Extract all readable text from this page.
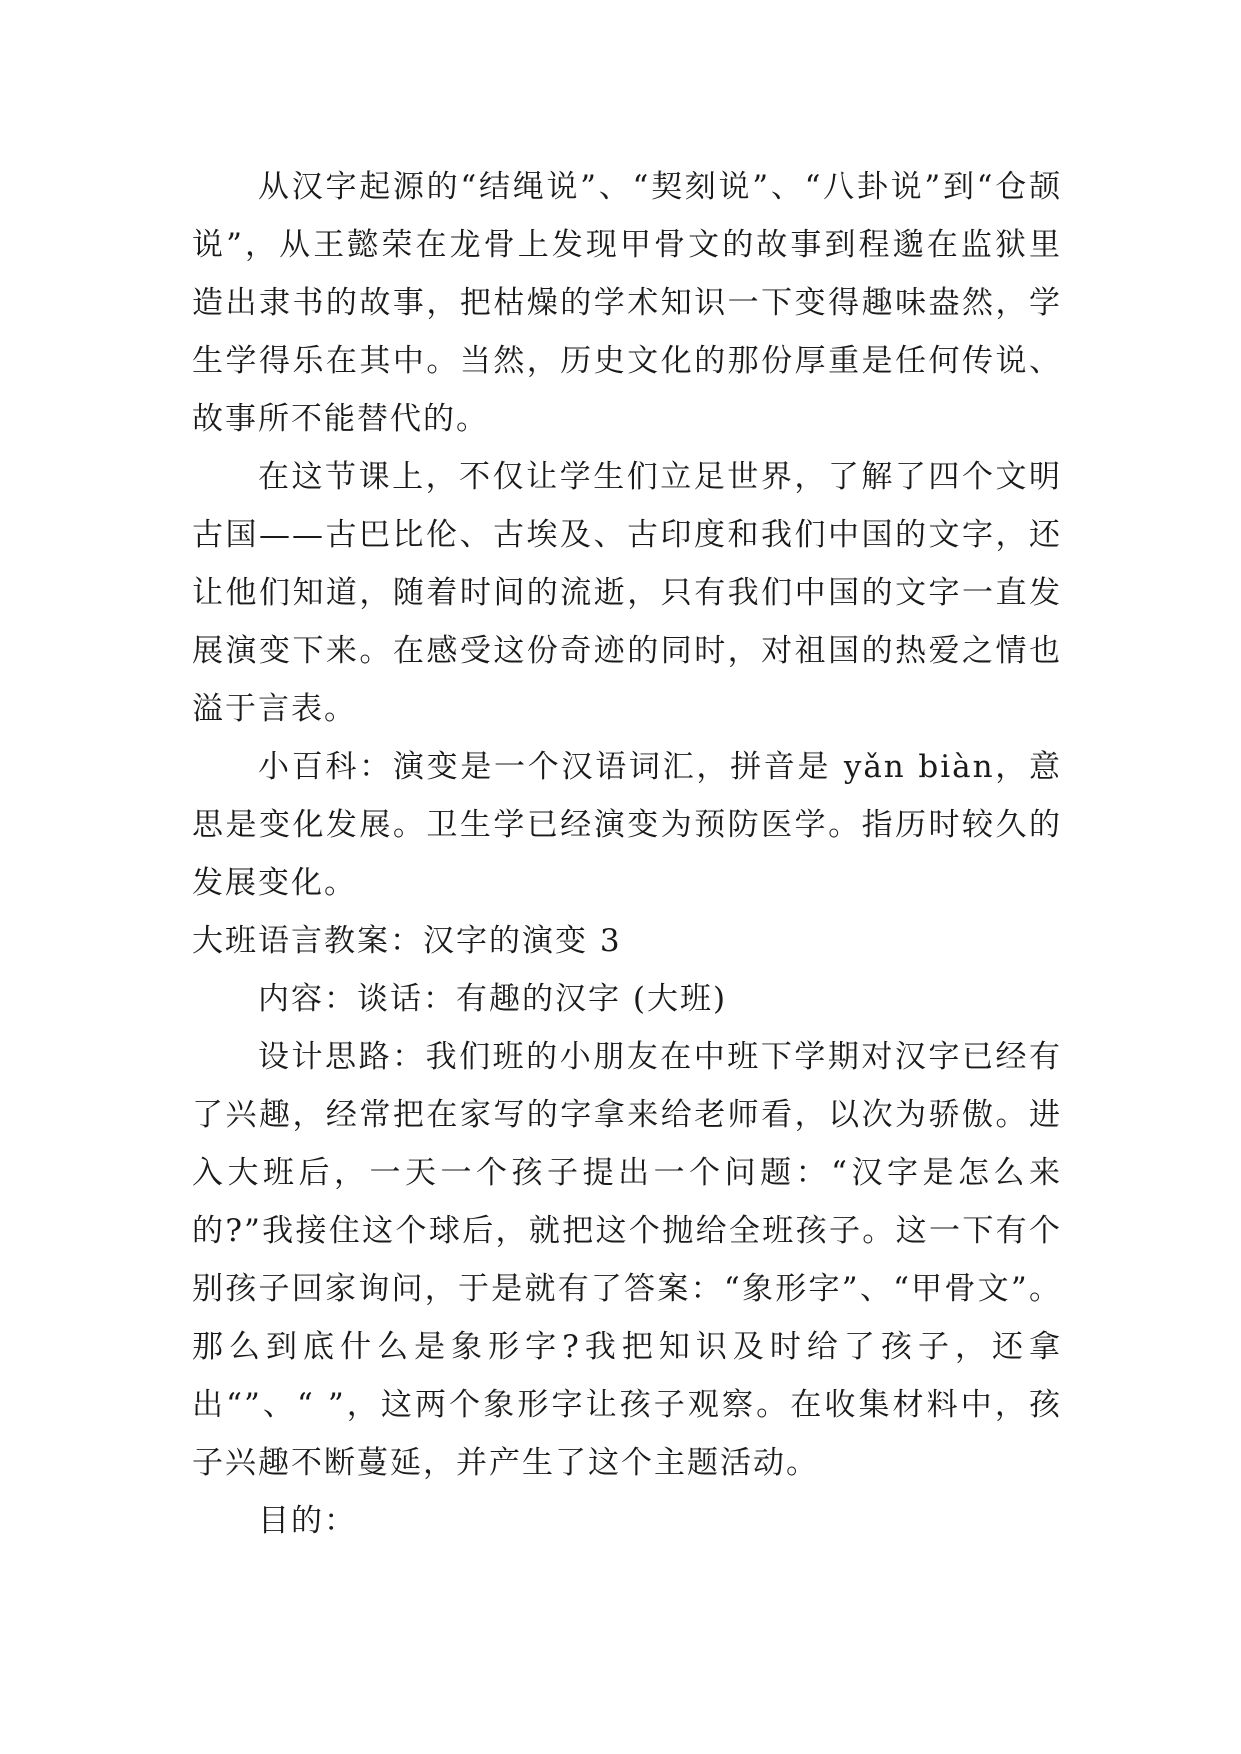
从汉字起源的“结绳说”、“契刻说”、“八卦说”到“仓颉说”，从王懿荣在龙骨上发现甲骨文的故事到程邈在监狱里造出隶书的故事，把枯燥的学术知识一下变得趣味盎然，学生学得乐在其中。当然，历史文化的那份厚重是任何传说、故事所不能替代的。

在这节课上，不仅让学生们立足世界，了解了四个文明古国——古巴比伦、古埃及、古印度和我们中国的文字，还让他们知道，随着时间的流逝，只有我们中国的文字一直发展演变下来。在感受这份奇迹的同时，对祖国的热爱之情也溢于言表。

小百科：演变是一个汉语词汇，拼音是 yǎn biàn，意思是变化发展。卫生学已经演变为预防医学。指历时较久的发展变化。

大班语言教案：汉字的演变 3

内容：谈话：有趣的汉字 (大班)

设计思路：我们班的小朋友在中班下学期对汉字已经有了兴趣，经常把在家写的字拿来给老师看，以次为骄傲。进入大班后，一天一个孩子提出一个问题：“汉字是怎么来的?”我接住这个球后，就把这个抛给全班孩子。这一下有个别孩子回家询问，于是就有了答案：“象形字”、“甲骨文”。那么到底什么是象形字?我把知识及时给了孩子，还拿出“”、“ ”，这两个象形字让孩子观察。在收集材料中，孩子兴趣不断蔓延，并产生了这个主题活动。

目的：
